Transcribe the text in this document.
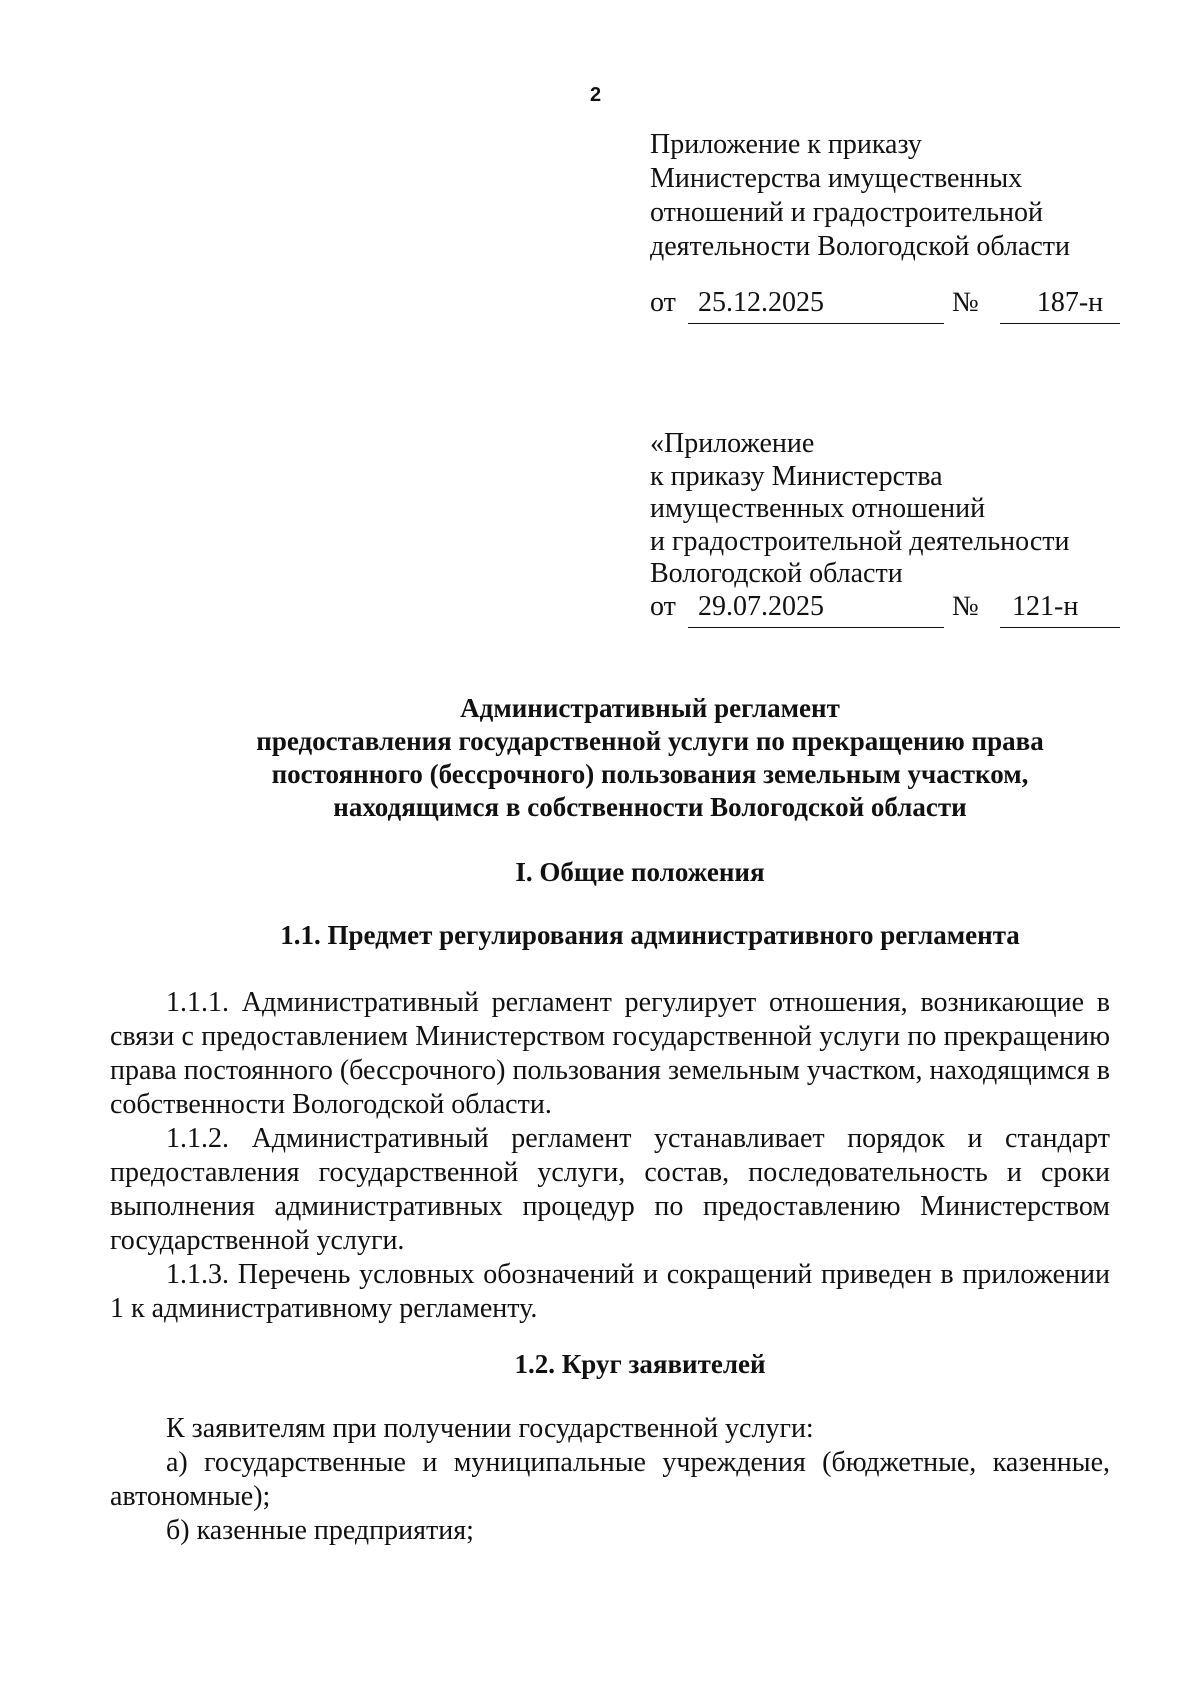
2
Приложение к приказу
Министерства имущественных
отношений и градостроительной
деятельности Вологодской области
от 25.12.2025	№	187-н
«Приложение
к приказу Министерства
имущественных отношений
и градостроительной деятельности
Вологодской области
от 29.07.2025	№	121-н
Административный регламент
предоставления государственной услуги по прекращению права
постоянного (бессрочного) пользования земельным участком,
находящимся в собственности Вологодской области
I. Общие положения
1.1. Предмет регулирования административного регламента

1.1.1. Административный регламент регулирует отношения, возникающие в связи с предоставлением Министерством государственной услуги по прекращению права постоянного (бессрочного) пользования земельным участком, находящимся в собственности Вологодской области.

1.1.2. Административный регламент устанавливает порядок и стандарт предоставления государственной услуги, состав, последовательность и сроки выполнения административных процедур по предоставлению Министерством государственной услуги.

1.1.3. Перечень условных обозначений и сокращений приведен в приложении 1 к административному регламенту.

1.2. Круг заявителей

К заявителям при получении государственной услуги:

а) государственные и муниципальные учреждения (бюджетные, казенные, автономные);

б) казенные предприятия;
